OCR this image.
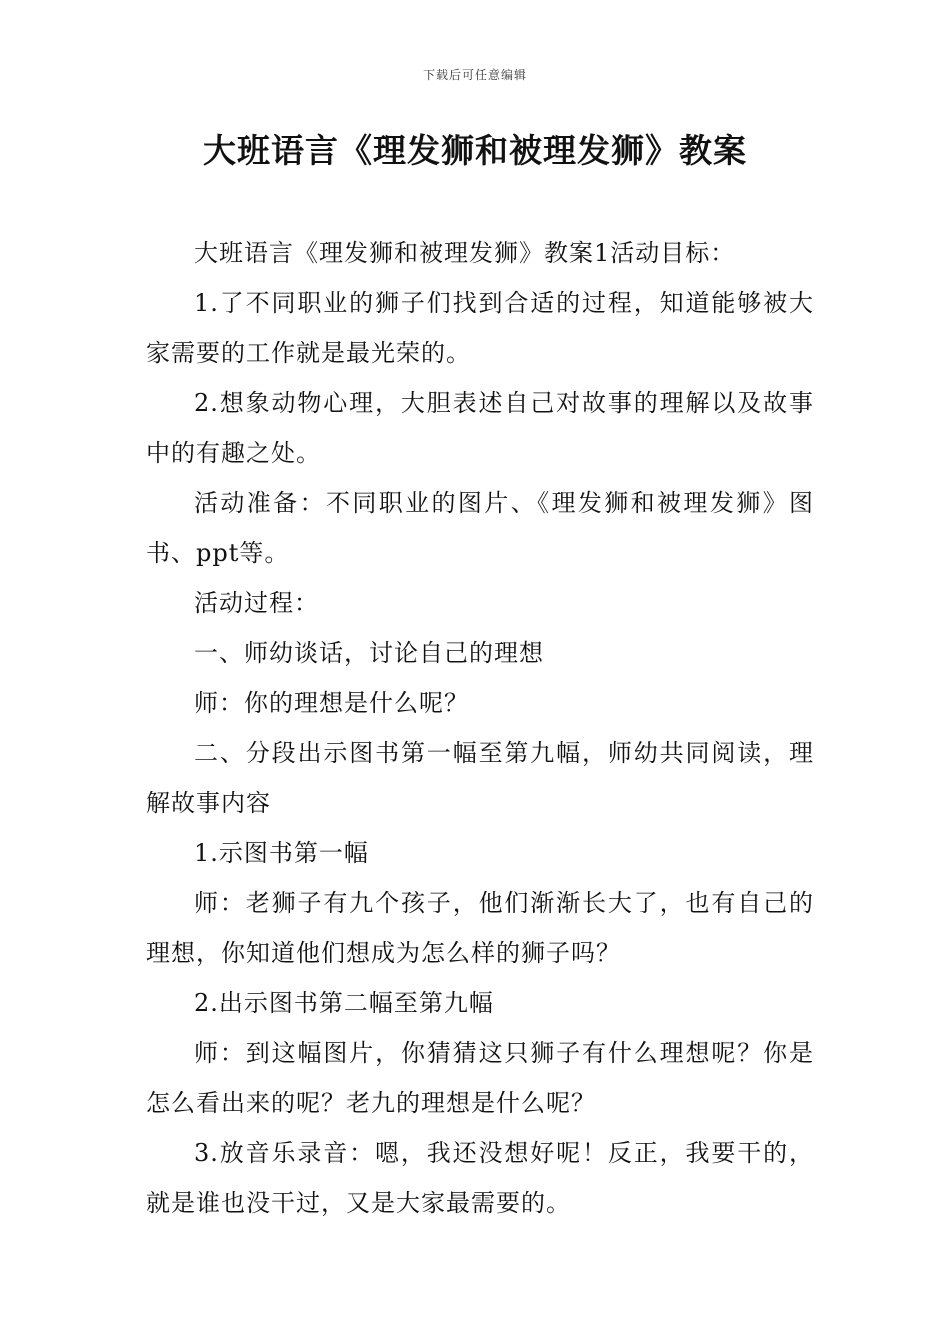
下载后可任意编辑
大班语言《理发狮和被理发狮》教案

大班语言《理发狮和被理发狮》教案1活动目标：

1.了不同职业的狮子们找到合适的过程，知道能够被大家需要的工作就是最光荣的。

2.想象动物心理，大胆表述自己对故事的理解以及故事中的有趣之处。

活动准备：不同职业的图片、《理发狮和被理发狮》图书、ppt等。

活动过程：

一、师幼谈话，讨论自己的理想

师：你的理想是什么呢？

二、分段出示图书第一幅至第九幅，师幼共同阅读，理解故事内容

1.示图书第一幅

师：老狮子有九个孩子，他们渐渐长大了，也有自己的理想，你知道他们想成为怎么样的狮子吗？

2.出示图书第二幅至第九幅

师：到这幅图片，你猜猜这只狮子有什么理想呢？你是怎么看出来的呢？老九的理想是什么呢？

3.放音乐录音：嗯，我还没想好呢！反正，我要干的，就是谁也没干过，又是大家最需要的。
